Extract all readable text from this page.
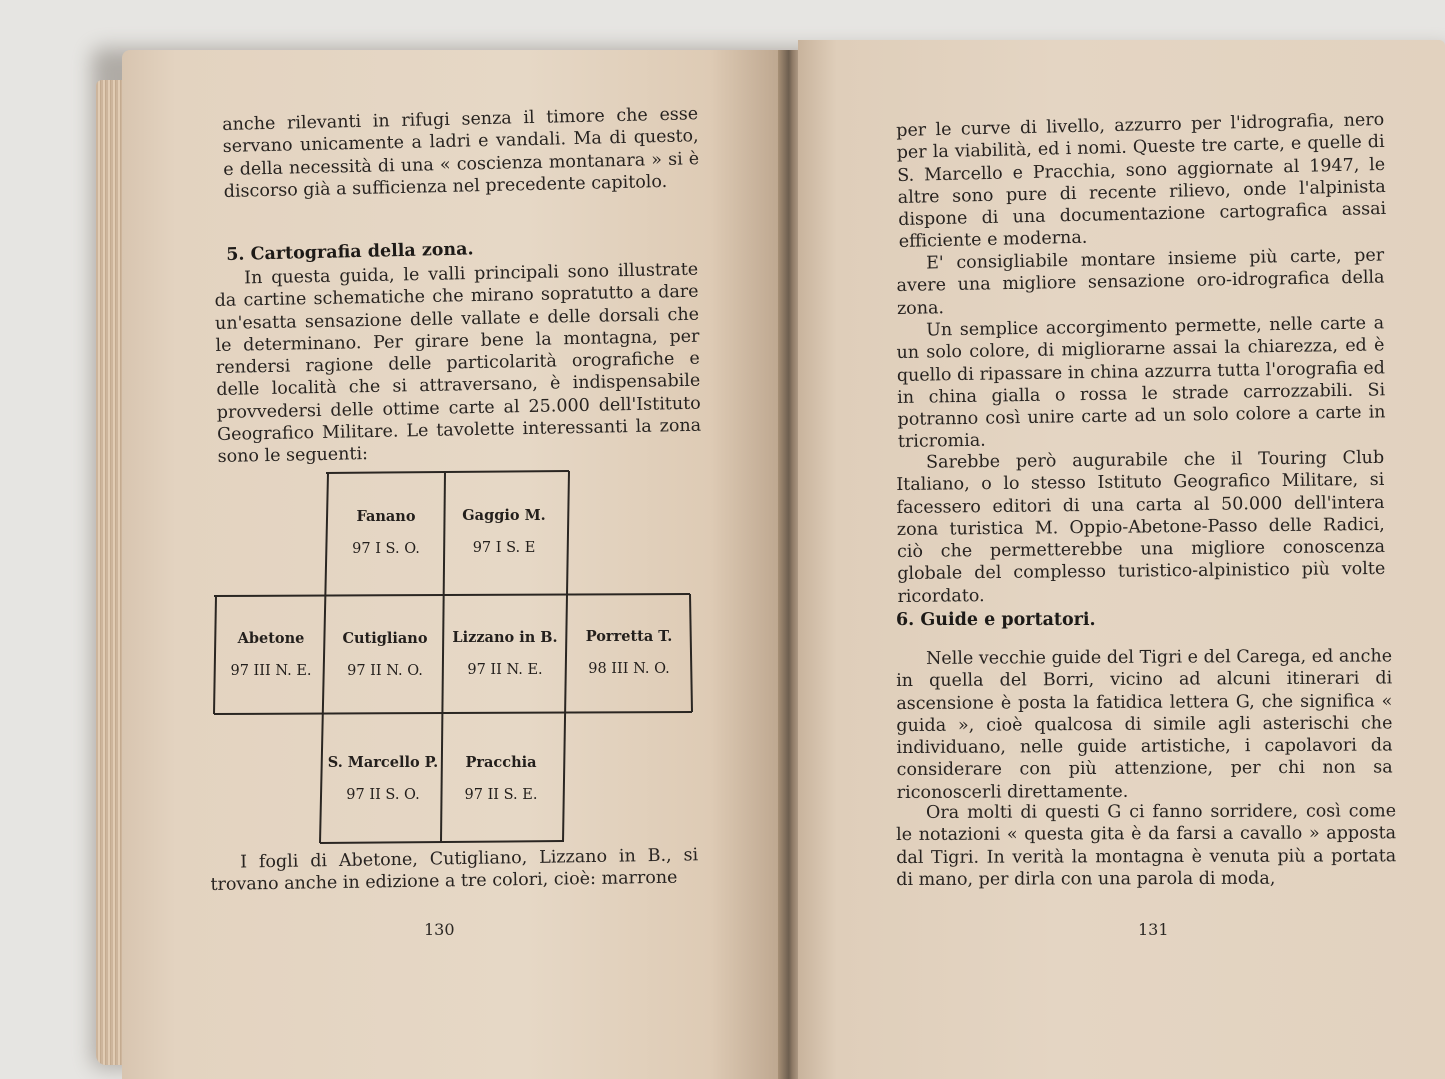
anche rilevanti in rifugi senza il timore che esse servano unicamente a ladri e vandali. Ma di questo, e della necessità di una « coscienza montanara » si è discorso già a sufficienza nel precedente capitolo.

5. Cartografia della zona.

In questa guida, le valli principali sono illustrate da cartine schematiche che mirano sopratutto a dare un'esatta sensazione delle vallate e delle dorsali che le determinano. Per girare bene la montagna, per rendersi ragione delle particolarità orografiche e delle località che si attraversano, è indispensabile provvedersi delle ottime carte al 25.000 dell'Istituto Geografico Militare. Le tavolette interessanti la zona sono le seguenti:

Fanano
97 I S. O.
Gaggio M.
97 I S. E
Abetone
97 III N. E.
Cutigliano
97 II N. O.
Lizzano in B.
97 II N. E.
Porretta T.
98 III N. O.
S. Marcello P.
97 II S. O.
Pracchia
97 II S. E.

I fogli di Abetone, Cutigliano, Lizzano in B., si trovano anche in edizione a tre colori, cioè: marrone

130

per le curve di livello, azzurro per l'idrografia, nero per la viabilità, ed i nomi. Queste tre carte, e quelle di S. Marcello e Pracchia, sono aggiornate al 1947, le altre sono pure di recente rilievo, onde l'alpinista dispone di una documentazione cartografica assai efficiente e moderna.

E' consigliabile montare insieme più carte, per avere una migliore sensazione oro-idrografica della zona.

Un semplice accorgimento permette, nelle carte a un solo colore, di migliorarne assai la chiarezza, ed è quello di ripassare in china azzurra tutta l'orografia ed in china gialla o rossa le strade carrozzabili. Si potranno così unire carte ad un solo colore a carte in tricromia.

Sarebbe però augurabile che il Touring Club Italiano, o lo stesso Istituto Geografico Militare, si facessero editori di una carta al 50.000 dell'intera zona turistica M. Oppio-Abetone-Passo delle Radici, ciò che permetterebbe una migliore conoscenza globale del complesso turistico-alpinistico più volte ricordato.

6. Guide e portatori.

Nelle vecchie guide del Tigri e del Carega, ed anche in quella del Borri, vicino ad alcuni itinerari di ascensione è posta la fatidica lettera G, che significa « guida », cioè qualcosa di simile agli asterischi che individuano, nelle guide artistiche, i capolavori da considerare con più attenzione, per chi non sa riconoscerli direttamente.

Ora molti di questi G ci fanno sorridere, così come le notazioni « questa gita è da farsi a cavallo » apposta dal Tigri. In verità la montagna è venuta più a portata di mano, per dirla con una parola di moda,

131
